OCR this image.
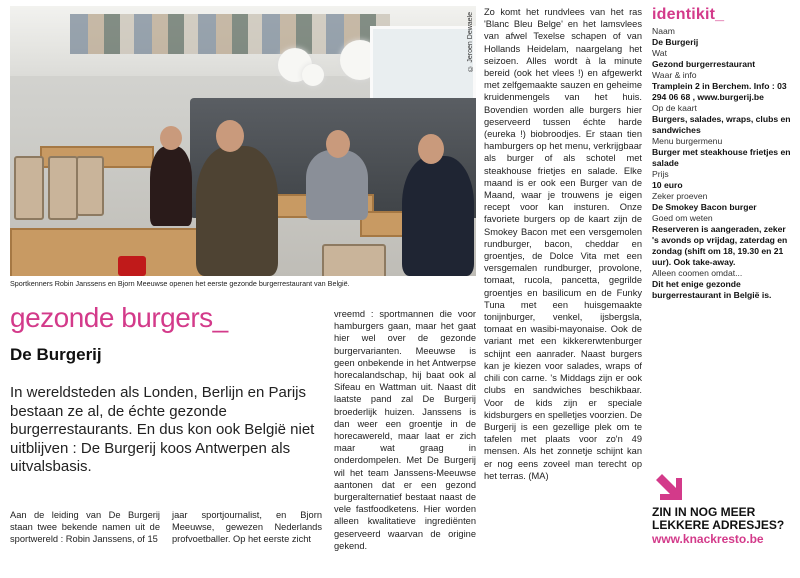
© Jeroen Dewaele
Sportkenners Robin Janssens en Bjorn Meeuwse openen het eerste gezonde burgerrestaurant van België.
gezonde burgers_
De Burgerij
In wereldsteden als Londen, Berlijn en Parijs bestaan ze al, de échte gezonde burgerrestaurants. En dus kon ook België niet uitblijven : De Burgerij koos Antwerpen als uitvalsbasis.
Aan de leiding van De Burgerij staan twee bekende namen uit de sportwereld : Robin Janssens, of 15
jaar sportjournalist, en Bjorn Meeuwse, gewezen Nederlands profvoetballer. Op het eerste zicht
vreemd : sportmannen die voor hamburgers gaan, maar het gaat hier wel over de gezonde burgervarianten. Meeuwse is geen onbekende in het Antwerpse horecalandschap, hij baat ook al Sifeau en Wattman uit. Naast dit laatste pand zal De Burgerij broederlijk huizen. Janssens is dan weer een groentje in de horecawereld, maar laat er zich maar wat graag in onderdompelen. Met De Burgerij wil het team Janssens-Meeuwse aantonen dat er een gezond burgeralternatief bestaat naast de vele fastfoodketens. Hier worden alleen kwalitatieve ingrediënten geserveerd waarvan de origine gekend.
Zo komt het rundvlees van het ras 'Blanc Bleu Belge' en het lamsvlees van afwel Texelse schapen of van Hollands Heidelam, naargelang het seizoen. Alles wordt à la minute bereid (ook het vlees !) en afgewerkt met zelfgemaakte sauzen en geheime kruidenmengels van het huis. Bovendien worden alle burgers hier geserveerd tussen échte harde (eureka !) biobroodjes. Er staan tien hamburgers op het menu, verkrijgbaar als burger of als schotel met steakhouse frietjes en salade. Elke maand is er ook een Burger van de Maand, waar je trouwens je eigen recept voor kan insturen. Onze favoriete burgers op de kaart zijn de Smokey Bacon met een versgemolen rundburger, bacon, cheddar en groentjes, de Dolce Vita met een versgemalen rundburger, provolone, tomaat, rucola, pancetta, gegrilde groentjes en basilicum en de Funky Tuna met een huisgemaakte tonijnburger, venkel, ijsbergsla, tomaat en wasibi-mayonaise. Ook de variant met een kikkererwtenburger schijnt een aanrader. Naast burgers kan je kiezen voor salades, wraps of chili con carne. 's Middags zijn er ook clubs en sandwiches beschikbaar. Voor de kids zijn er speciale kidsburgers en spelletjes voorzien. De Burgerij is een gezellige plek om te tafelen met plaats voor zo'n 49 mensen. Als het zonnetje schijnt kan er nog eens zoveel man terecht op het terras. (MA)
identikit_
Naam
De Burgerij
Wat
Gezond burgerrestaurant
Waar & info
Tramplein 2 in Berchem. Info : 03 294 06 68 , www.burgerij.be
Op de kaart
Burgers, salades, wraps, clubs en sandwiches
Menu burgermenu
Burger met steakhouse frietjes en salade
Prijs
10 euro
Zeker proeven
De Smokey Bacon burger
Goed om weten
Reserveren is aangeraden, zeker 's avonds op vrijdag, zaterdag en zondag (shift om 18, 19.30 en 21 uur). Ook take-away.
Alleen coomen omdat...
Dit het enige gezonde burgerrestaurant in België is.
ZIN IN NOG MEER
LEKKERE ADRESJES?
www.knackresto.be
